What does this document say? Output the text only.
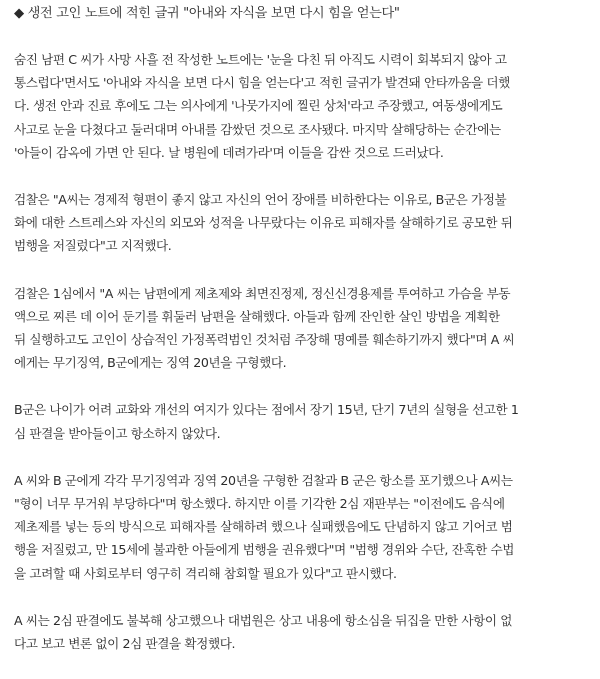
◆ 생전 고인 노트에 적힌 글귀 "아내와 자식을 보면 다시 힘을 얻는다"
숨진 남편 C 씨가 사망 사흘 전 작성한 노트에는 '눈을 다친 뒤 아직도 시력이 회복되지 않아 고
통스럽다'면서도 '아내와 자식을 보면 다시 힘을 얻는다'고 적힌 글귀가 발견돼 안타까움을 더했
다. 생전 안과 진료 후에도 그는 의사에게 '나뭇가지에 찔린 상처'라고 주장했고, 여동생에게도
사고로 눈을 다쳤다고 둘러대며 아내를 감쌌던 것으로 조사됐다. 마지막 살해당하는 순간에는
'아들이 감옥에 가면 안 된다. 날 병원에 데려가라'며 이들을 감싼 것으로 드러났다.
검찰은 "A씨는 경제적 형편이 좋지 않고 자신의 언어 장애를 비하한다는 이유로, B군은 가정불
화에 대한 스트레스와 자신의 외모와 성적을 나무랐다는 이유로 피해자를 살해하기로 공모한 뒤
범행을 저질렀다"고 지적했다.
검찰은 1심에서 "A 씨는 남편에게 제초제와 최면진정제, 정신신경용제를 투여하고 가슴을 부동
액으로 찌른 데 이어 둔기를 휘둘러 남편을 살해했다. 아들과 함께 잔인한 살인 방법을 계획한
뒤 실행하고도 고인이 상습적인 가정폭력범인 것처럼 주장해 명예를 훼손하기까지 했다"며 A 씨
에게는 무기징역, B군에게는 징역 20년을 구형했다.
B군은 나이가 어려 교화와 개선의 여지가 있다는 점에서 장기 15년, 단기 7년의 실형을 선고한 1
심 판결을 받아들이고 항소하지 않았다.
A 씨와 B 군에게 각각 무기징역과 징역 20년을 구형한 검찰과 B 군은 항소를 포기했으나 A씨는
"형이 너무 무거워 부당하다"며 항소했다. 하지만 이를 기각한 2심 재판부는 "이전에도 음식에
제초제를 넣는 등의 방식으로 피해자를 살해하려 했으나 실패했음에도 단념하지 않고 기어코 범
행을 저질렀고, 만 15세에 불과한 아들에게 범행을 권유했다"며 "범행 경위와 수단, 잔혹한 수법
을 고려할 때 사회로부터 영구히 격리해 참회할 필요가 있다"고 판시했다.
A 씨는 2심 판결에도 불복해 상고했으나 대법원은 상고 내용에 항소심을 뒤집을 만한 사항이 없
다고 보고 변론 없이 2심 판결을 확정했다.
